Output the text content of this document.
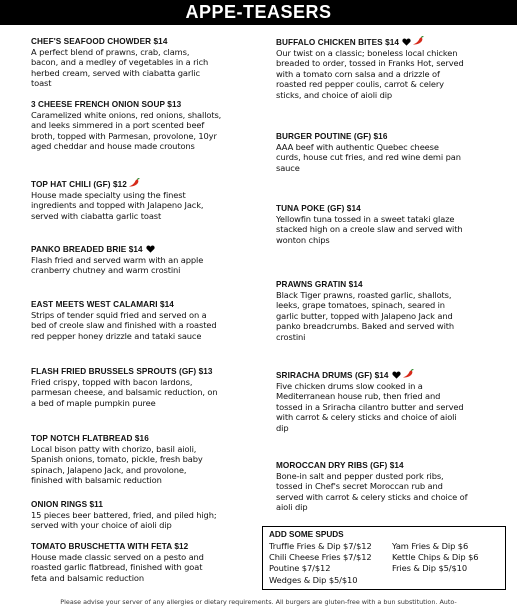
APPE-TEASERS
CHEF'S SEAFOOD CHOWDER $14
A perfect blend of prawns, crab, clams,
bacon, and a medley of vegetables in a rich
herbed cream, served with ciabatta garlic
toast
3 CHEESE FRENCH ONION SOUP $13
Caramelized white onions, red onions, shallots,
and leeks simmered in a port scented beef
broth, topped with Parmesan, provolone, 10yr
aged cheddar and house made croutons
TOP HAT CHILI (GF) $12
House made specialty using the finest
ingredients and topped with Jalapeno Jack,
served with ciabatta garlic toast
PANKO BREADED BRIE $14
Flash fried and served warm with an apple
cranberry chutney and warm crostini
EAST MEETS WEST CALAMARI $14
Strips of tender squid fried and served on a
bed of creole slaw and finished with a roasted
red pepper honey drizzle and tataki sauce
FLASH FRIED BRUSSELS SPROUTS (GF) $13
Fried crispy, topped with bacon lardons,
parmesan cheese, and balsamic reduction, on
a bed of maple pumpkin puree
TOP NOTCH FLATBREAD $16
Local bison patty with chorizo, basil aioli,
Spanish onions, tomato, pickle, fresh baby
spinach, Jalapeno Jack, and provolone,
finished with balsamic reduction
ONION RINGS $11
15 pieces beer battered, fried, and piled high;
served with your choice of aioli dip
TOMATO BRUSCHETTA WITH FETA $12
House made classic served on a pesto and
roasted garlic flatbread, finished with goat
feta and balsamic reduction
BUFFALO CHICKEN BITES $14
Our twist on a classic; boneless local chicken
breaded to order, tossed in Franks Hot, served
with a tomato corn salsa and a drizzle of
roasted red pepper coulis, carrot & celery
sticks, and choice of aioli dip
BURGER POUTINE (GF) $16
AAA beef with authentic Quebec cheese
curds, house cut fries, and red wine demi pan
sauce
TUNA POKE (GF) $14
Yellowfin tuna tossed in a sweet tataki glaze
stacked high on a creole slaw and served with
wonton chips
PRAWNS GRATIN $14
Black Tiger prawns, roasted garlic, shallots,
leeks, grape tomatoes, spinach, seared in
garlic butter, topped with Jalapeno Jack and
panko breadcrumbs. Baked and served with
crostini
SRIRACHA DRUMS (GF) $14
Five chicken drums slow cooked in a
Mediterranean house rub, then fried and
tossed in a Sriracha cilantro butter and served
with carrot & celery sticks and choice of aioli
dip
MOROCCAN DRY RIBS (GF) $14
Bone-in salt and pepper dusted pork ribs,
tossed in Chef's secret Moroccan rub and
served with carrot & celery sticks and choice of
aioli dip
ADD SOME SPUDS
Truffle Fries & Dip $7/$12 Yam Fries & Dip $6
Chili Cheese Fries $7/$12 Kettle Chips & Dip $6
Poutine $7/$12	Fries & Dip $5/$10
Wedges & Dip $5/$10
Please advise your server of any allergies or dietary requirements. All burgers are gluten-free with a bun substitution. Auto-
